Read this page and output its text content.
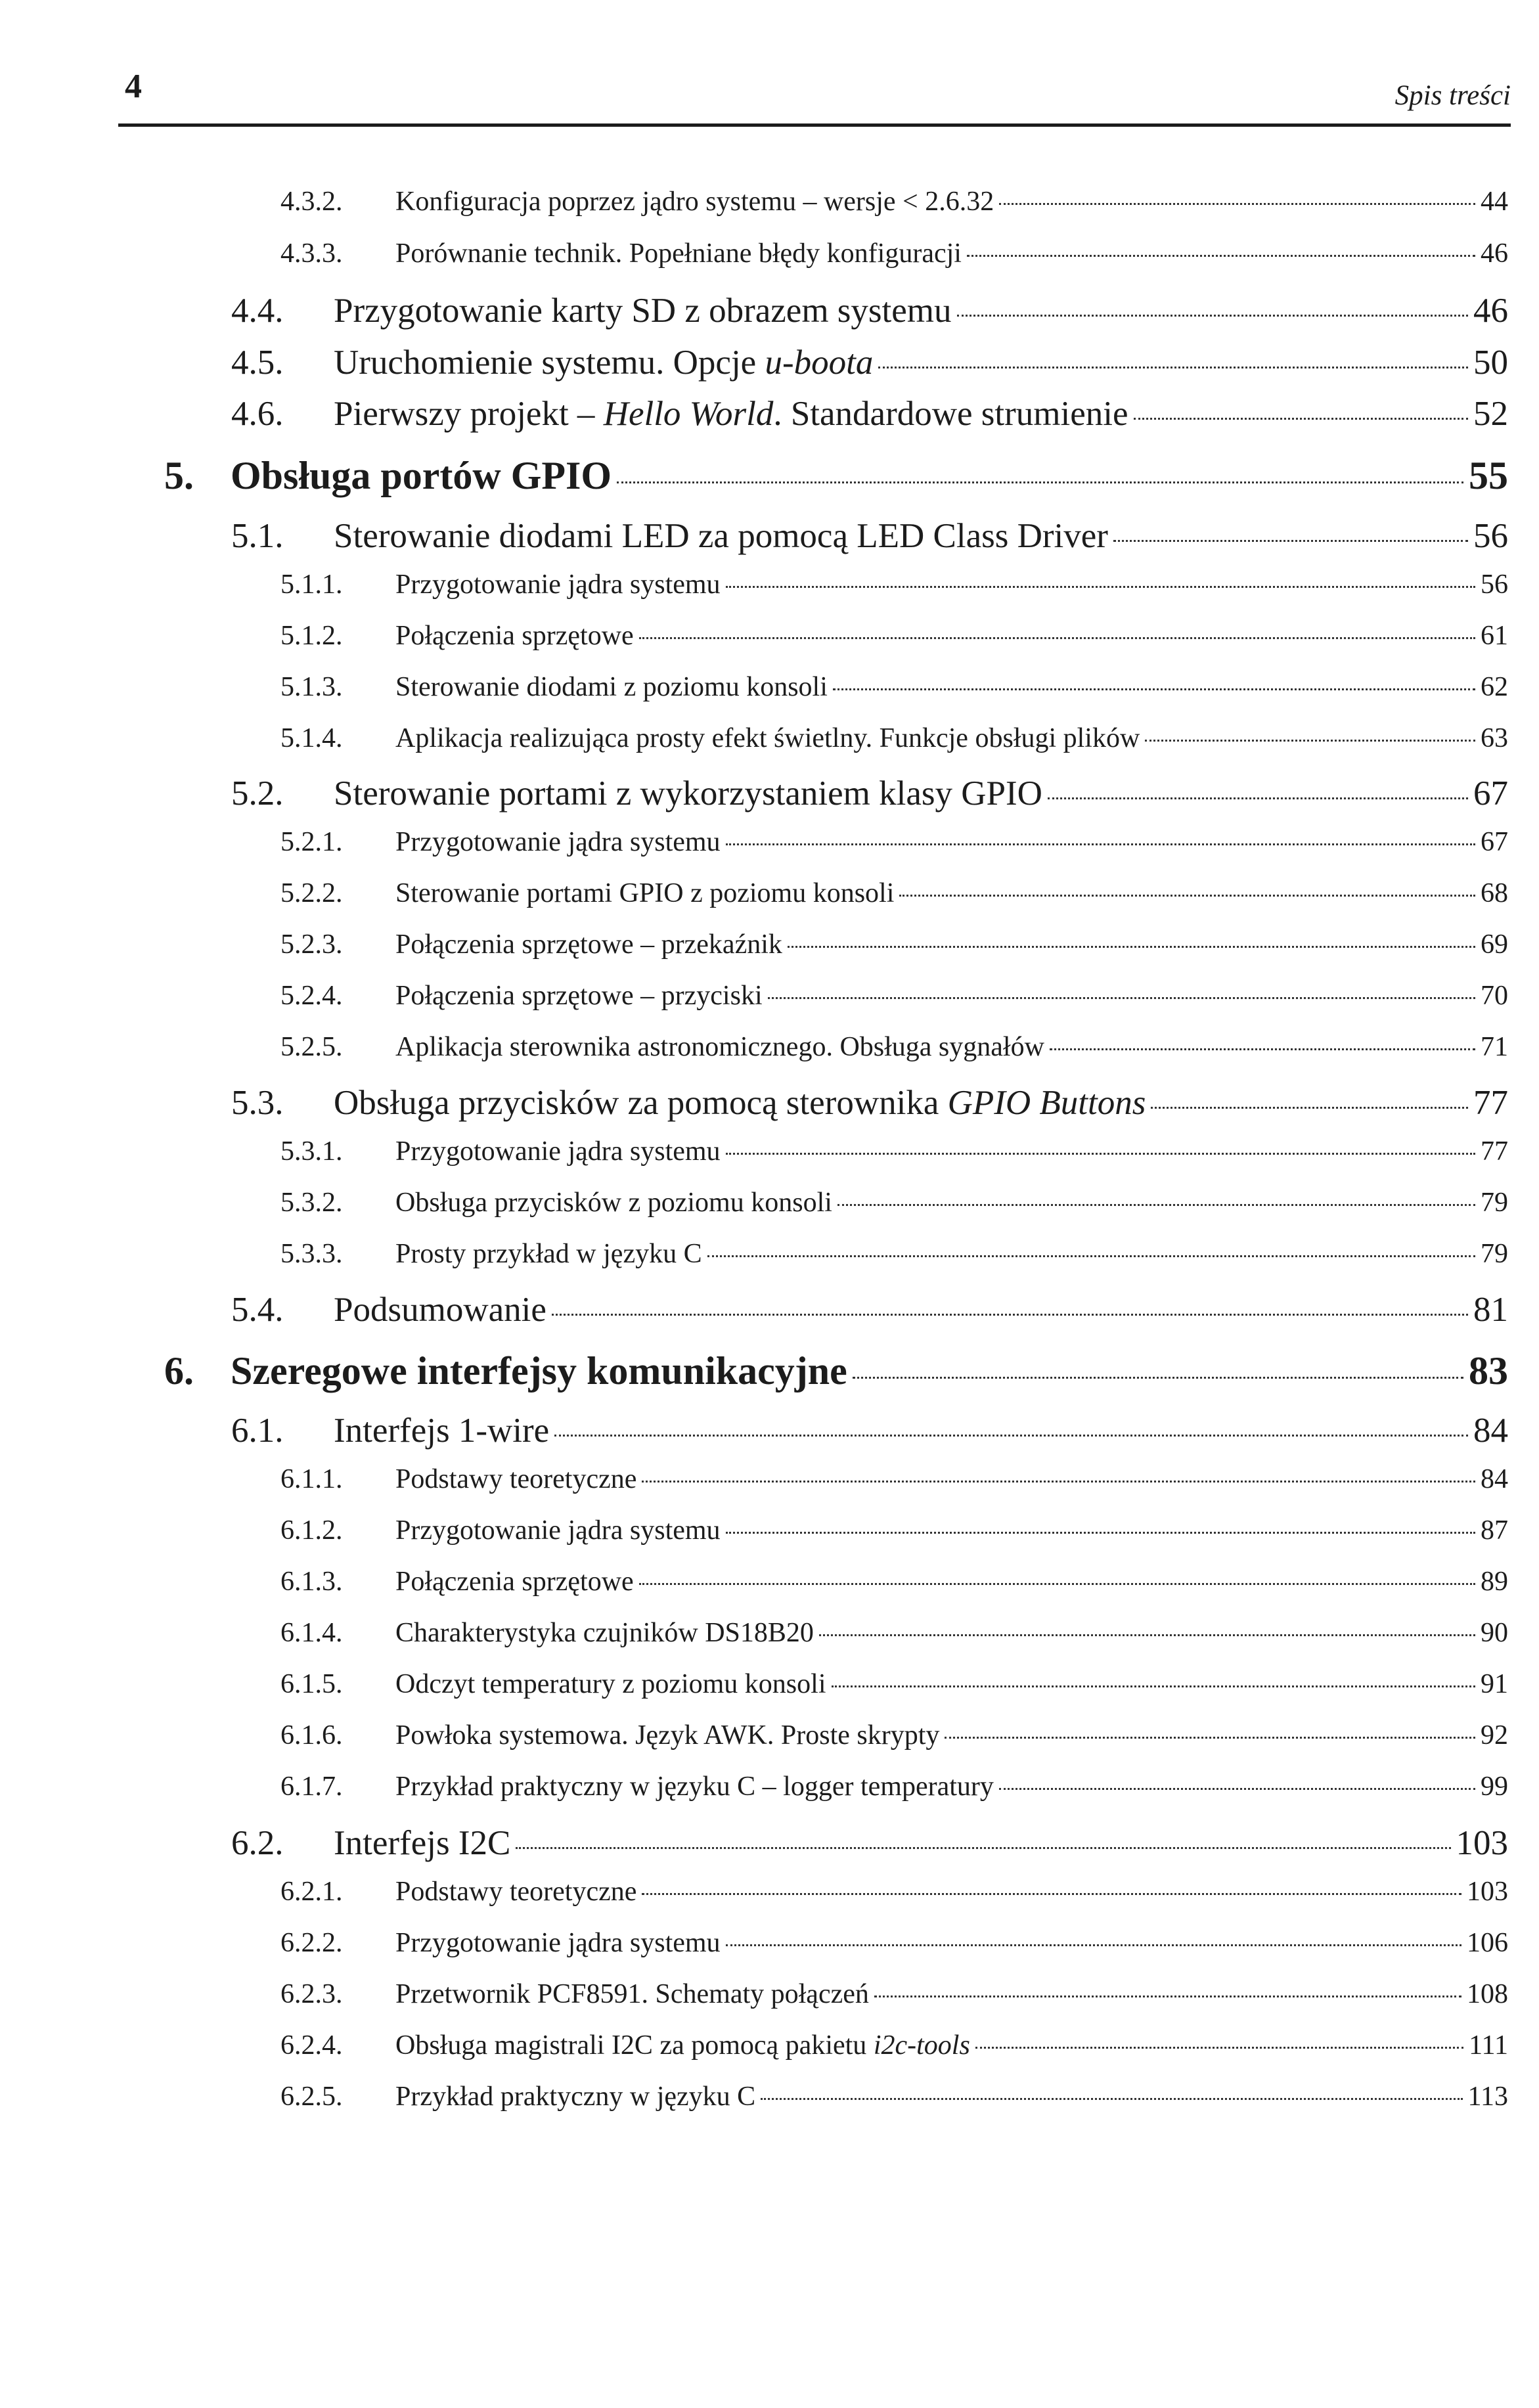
4	Spis treści
4.3.2.	Konfiguracja poprzez jądro systemu – wersje < 2.6.32	44
4.3.3.	Porównanie technik. Popełniane błędy konfiguracji	46
4.4.	Przygotowanie karty SD z obrazem systemu	46
4.5.	Uruchomienie systemu. Opcje u-boota	50
4.6.	Pierwszy projekt – Hello World. Standardowe strumienie	52
5. Obsługa portów GPIO	55
5.1.	Sterowanie diodami LED za pomocą LED Class Driver	56
5.1.1.	Przygotowanie jądra systemu	56
5.1.2.	Połączenia sprzętowe	61
5.1.3.	Sterowanie diodami z poziomu konsoli	62
5.1.4.	Aplikacja realizująca prosty efekt świetlny. Funkcje obsługi plików	63
5.2.	Sterowanie portami z wykorzystaniem klasy GPIO	67
5.2.1.	Przygotowanie jądra systemu	67
5.2.2.	Sterowanie portami GPIO z poziomu konsoli	68
5.2.3.	Połączenia sprzętowe – przekaźnik	69
5.2.4.	Połączenia sprzętowe – przyciski	70
5.2.5.	Aplikacja sterownika astronomicznego. Obsługa sygnałów	71
5.3.	Obsługa przycisków za pomocą sterownika GPIO Buttons	77
5.3.1.	Przygotowanie jądra systemu	77
5.3.2.	Obsługa przycisków z poziomu konsoli	79
5.3.3.	Prosty przykład w języku C	79
5.4.	Podsumowanie	81
6. Szeregowe interfejsy komunikacyjne	83
6.1.	Interfejs 1-wire	84
6.1.1.	Podstawy teoretyczne	84
6.1.2.	Przygotowanie jądra systemu	87
6.1.3.	Połączenia sprzętowe	89
6.1.4.	Charakterystyka czujników DS18B20	90
6.1.5.	Odczyt temperatury z poziomu konsoli	91
6.1.6.	Powłoka systemowa. Język AWK. Proste skrypty	92
6.1.7.	Przykład praktyczny w języku C – logger temperatury	99
6.2.	Interfejs I2C	103
6.2.1.	Podstawy teoretyczne	103
6.2.2.	Przygotowanie jądra systemu	106
6.2.3.	Przetwornik PCF8591. Schematy połączeń	108
6.2.4.	Obsługa magistrali I2C za pomocą pakietu i2c-tools	111
6.2.5.	Przykład praktyczny w języku C	113
